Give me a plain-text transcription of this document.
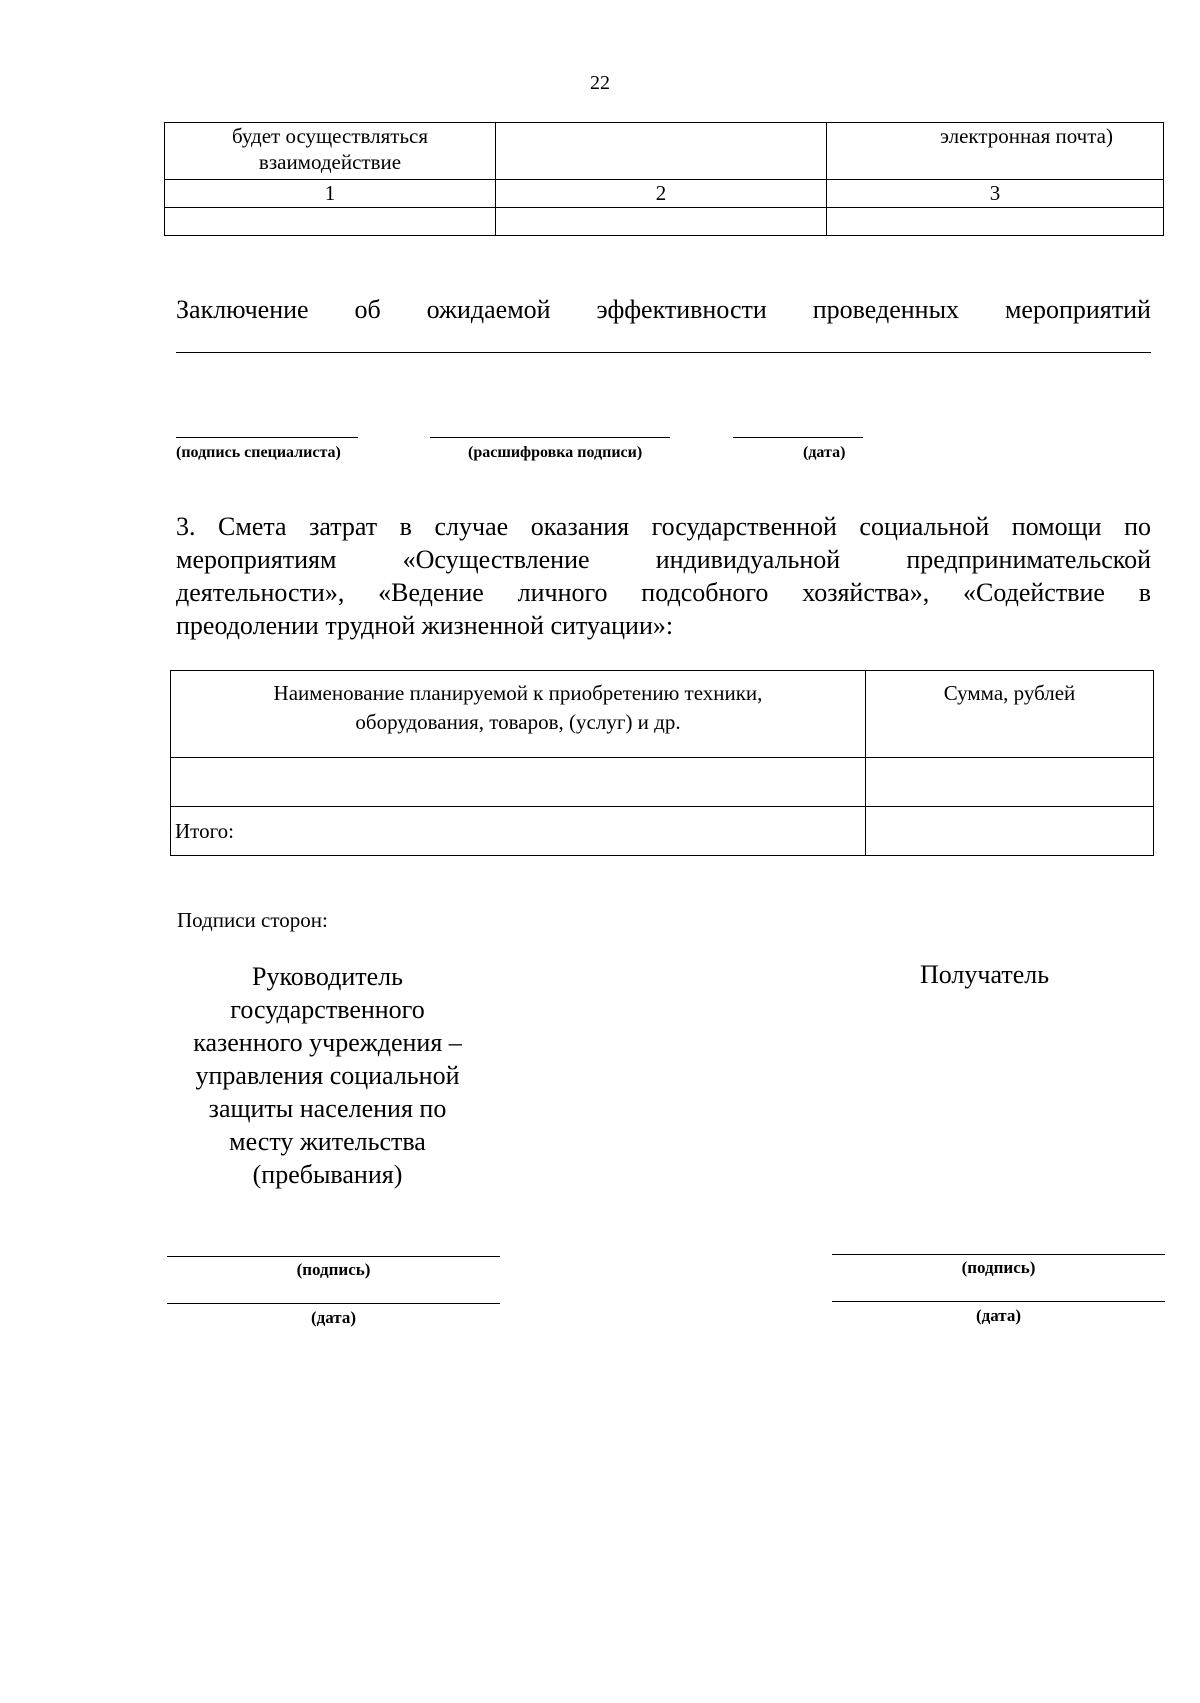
22
будет осуществляться взаимодействие		электронная почта)
1	2	3

Заключение об ожидаемой эффективности проведенных мероприятий
(подпись специалиста)	(расшифровка подписи)	(дата)
3. Смета затрат в случае оказания государственной социальной помощи по
мероприятиям «Осуществление индивидуальной предпринимательской
деятельности», «Ведение личного подсобного хозяйства», «Содействие в
преодолении трудной жизненной ситуации»:
Наименование планируемой к приобретению техники,
оборудования, товаров, (услуг) и др.	Сумма, рублей

Итого:	
Подписи сторон:
Руководитель
государственного
казенного учреждения –
управления социальной
защиты населения по
месту жительства
(пребывания)
Получатель
(подпись)
(дата)
(подпись)
(дата)
